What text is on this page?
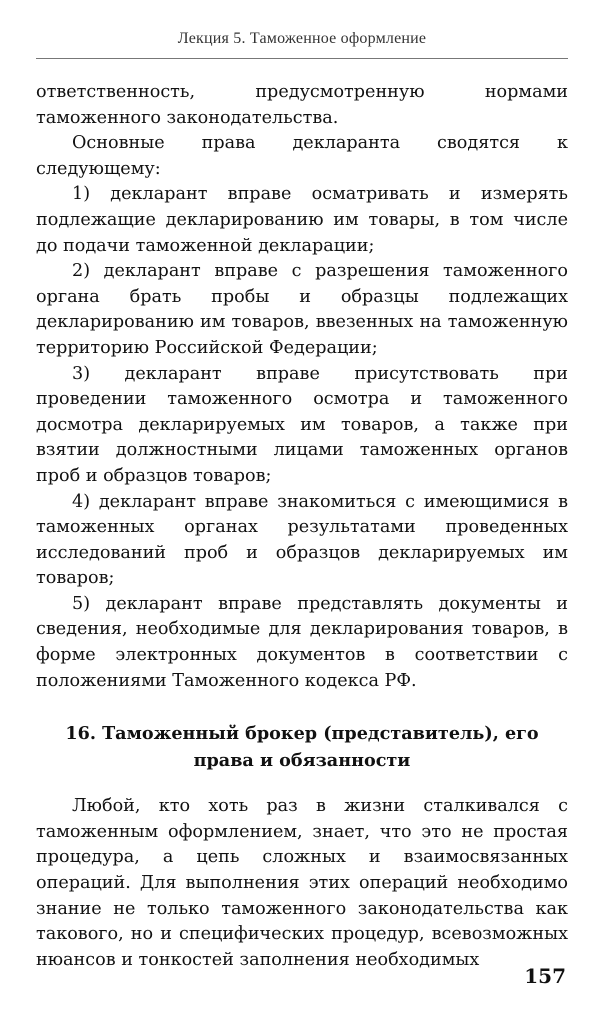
Лекция 5. Таможенное оформление

ответственность, предусмотренную нормами таможенного законодательства.

Основные права декларанта сводятся к следующему:

1) декларант вправе осматривать и измерять подлежащие декларированию им товары, в том числе до подачи таможенной декларации;

2) декларант вправе с разрешения таможенного органа брать пробы и образцы подлежащих декларированию им товаров, ввезенных на таможенную территорию Российской Федерации;

3) декларант вправе присутствовать при проведении таможенного осмотра и таможенного досмотра декларируемых им товаров, а также при взятии должностными лицами таможенных органов проб и образцов товаров;

4) декларант вправе знакомиться с имеющимися в таможенных органах результатами проведенных исследований проб и образцов декларируемых им товаров;

5) декларант вправе представлять документы и сведения, необходимые для декларирования товаров, в форме электронных документов в соответствии с положениями Таможенного кодекса РФ.

16. Таможенный брокер (представитель), его права и обязанности

Любой, кто хоть раз в жизни сталкивался с таможенным оформлением, знает, что это не простая процедура, а цепь сложных и взаимосвязанных операций. Для выполнения этих операций необходимо знание не только таможенного законодательства как такового, но и специфических процедур, всевозможных нюансов и тонкостей заполнения необходимых

157
